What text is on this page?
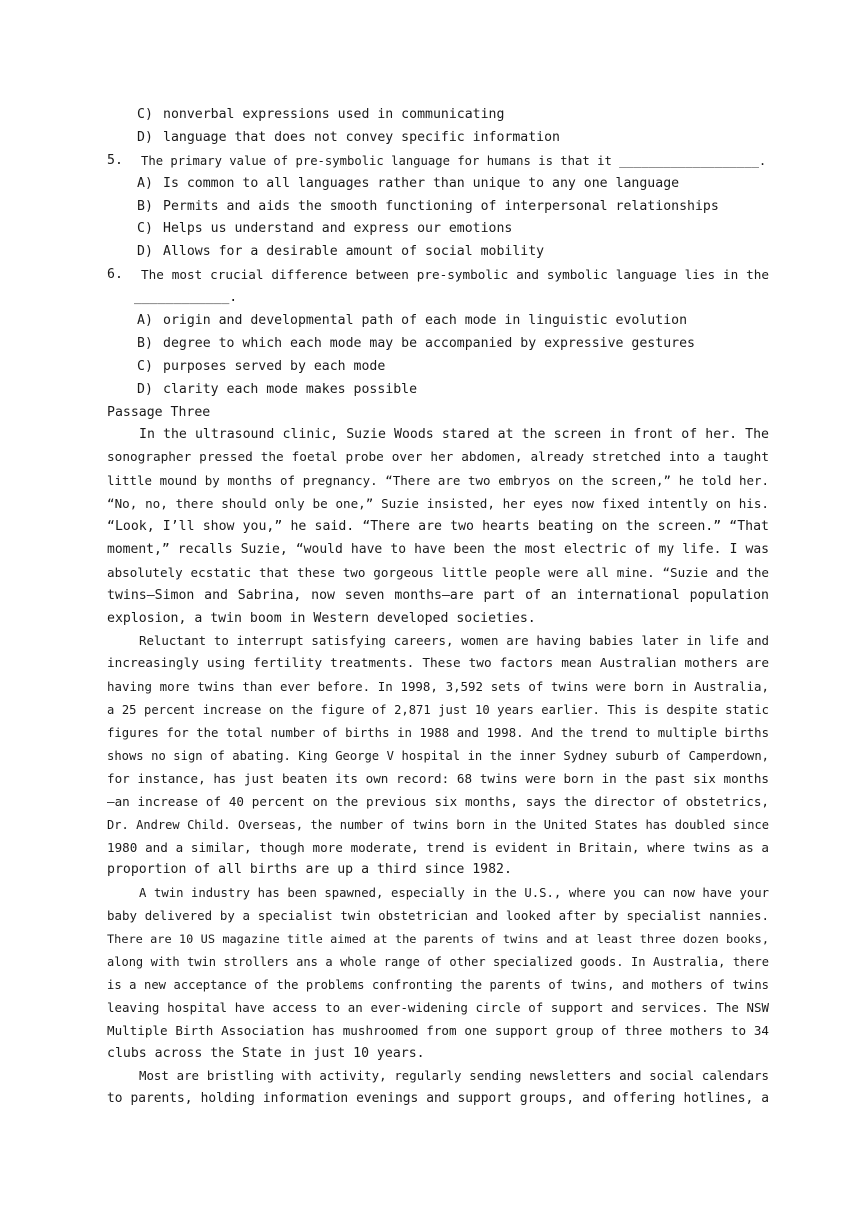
C) nonverbal expressions used in communicating
D) language that does not convey specific information
5.	The primary value of pre-symbolic language for humans is that it ___________________.
A) Is common to all languages rather than unique to any one language
B) Permits and aids the smooth functioning of interpersonal relationships
C) Helps us understand and express our emotions
D) Allows for a desirable amount of social mobility
6.	The most crucial difference between pre-symbolic and symbolic language lies in the
____________.
A) origin and developmental path of each mode in linguistic evolution
B) degree to which each mode may be accompanied by expressive gestures
C) purposes served by each mode
D) clarity each mode makes possible
Passage Three
In the ultrasound clinic, Suzie Woods stared at the screen in front of her. The
sonographer pressed the foetal probe over her abdomen, already stretched into a taught
little mound by months of pregnancy. “There are two embryos on the screen,” he told her.
“No, no, there should only be one,” Suzie insisted, her eyes now fixed intently on his.
“Look, I’ll show you,” he said. “There are two hearts beating on the screen.” “That
moment,” recalls Suzie, “would have to have been the most electric of my life. I was
absolutely ecstatic that these two gorgeous little people were all mine. “Suzie and the
twins—Simon and Sabrina, now seven months—are part of an international population
explosion, a twin boom in Western developed societies.
Reluctant to interrupt satisfying careers, women are having babies later in life and
increasingly using fertility treatments. These two factors mean Australian mothers are
having more twins than ever before. In 1998, 3,592 sets of twins were born in Australia,
a 25 percent increase on the figure of 2,871 just 10 years earlier. This is despite static
figures for the total number of births in 1988 and 1998. And the trend to multiple births
shows no sign of abating. King George V hospital in the inner Sydney suburb of Camperdown,
for instance, has just beaten its own record: 68 twins were born in the past six months
—an increase of 40 percent on the previous six months, says the director of obstetrics,
Dr. Andrew Child. Overseas, the number of twins born in the United States has doubled since
1980 and a similar, though more moderate, trend is evident in Britain, where twins as a
proportion of all births are up a third since 1982.
A twin industry has been spawned, especially in the U.S., where you can now have your
baby delivered by a specialist twin obstetrician and looked after by specialist nannies.
There are 10 US magazine title aimed at the parents of twins and at least three dozen books,
along with twin strollers ans a whole range of other specialized goods. In Australia, there
is a new acceptance of the problems confronting the parents of twins, and mothers of twins
leaving hospital have access to an ever-widening circle of support and services. The NSW
Multiple Birth Association has mushroomed from one support group of three mothers to 34
clubs across the State in just 10 years.
Most are bristling with activity, regularly sending newsletters and social calendars
to parents, holding information evenings and support groups, and offering hotlines, a
